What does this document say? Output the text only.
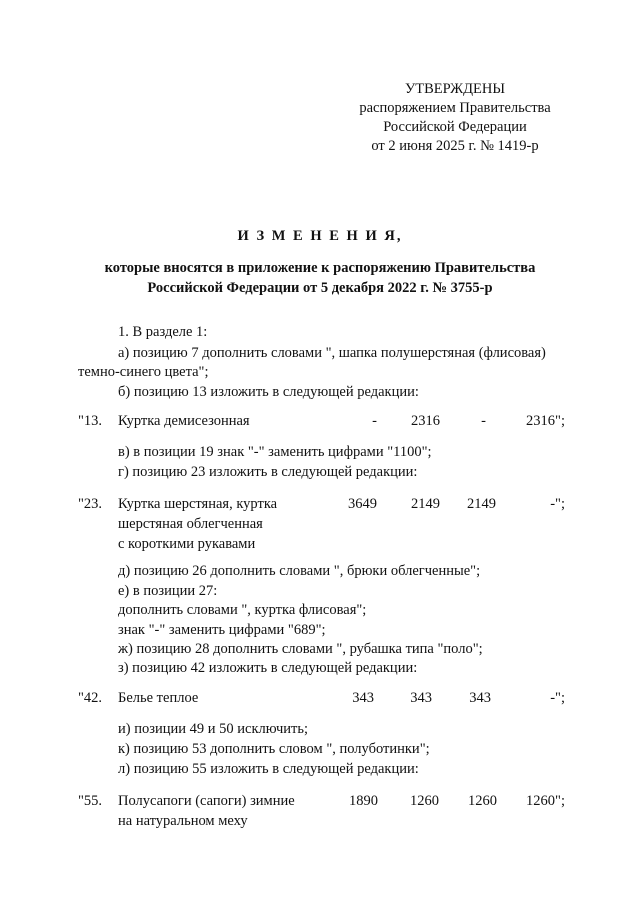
УТВЕРЖДЕНЫ
распоряжением Правительства
Российской Федерации
от 2 июня 2025 г. № 1419-р
И З М Е Н Е Н И Я,
которые вносятся в приложение к распоряжению Правительства
Российской Федерации от 5 декабря 2022 г. № 3755-р
1. В разделе 1:
а) позицию 7 дополнить словами ", шапка полушерстяная (флисовая)
темно-синего цвета";
б) позицию 13 изложить в следующей редакции:
"13. Куртка демисезонная	-	2316	-	2316";
в) в позиции 19 знак "-" заменить цифрами "1100";
г) позицию 23 изложить в следующей редакции:
"23. Куртка шерстяная, куртка
шерстяная облегченная
с короткими рукавами
3649	2149	2149	-";
д) позицию 26 дополнить словами ", брюки облегченные";
е) в позиции 27:
дополнить словами ", куртка флисовая";
знак "-" заменить цифрами "689";
ж) позицию 28 дополнить словами ", рубашка типа "поло";
з) позицию 42 изложить в следующей редакции:
"42. Белье теплое	343	343	343	-";
и) позиции 49 и 50 исключить;
к) позицию 53 дополнить словом ", полуботинки";
л) позицию 55 изложить в следующей редакции:
"55. Полусапоги (сапоги) зимние
на натуральном меху
1890	1260	1260	1260";
